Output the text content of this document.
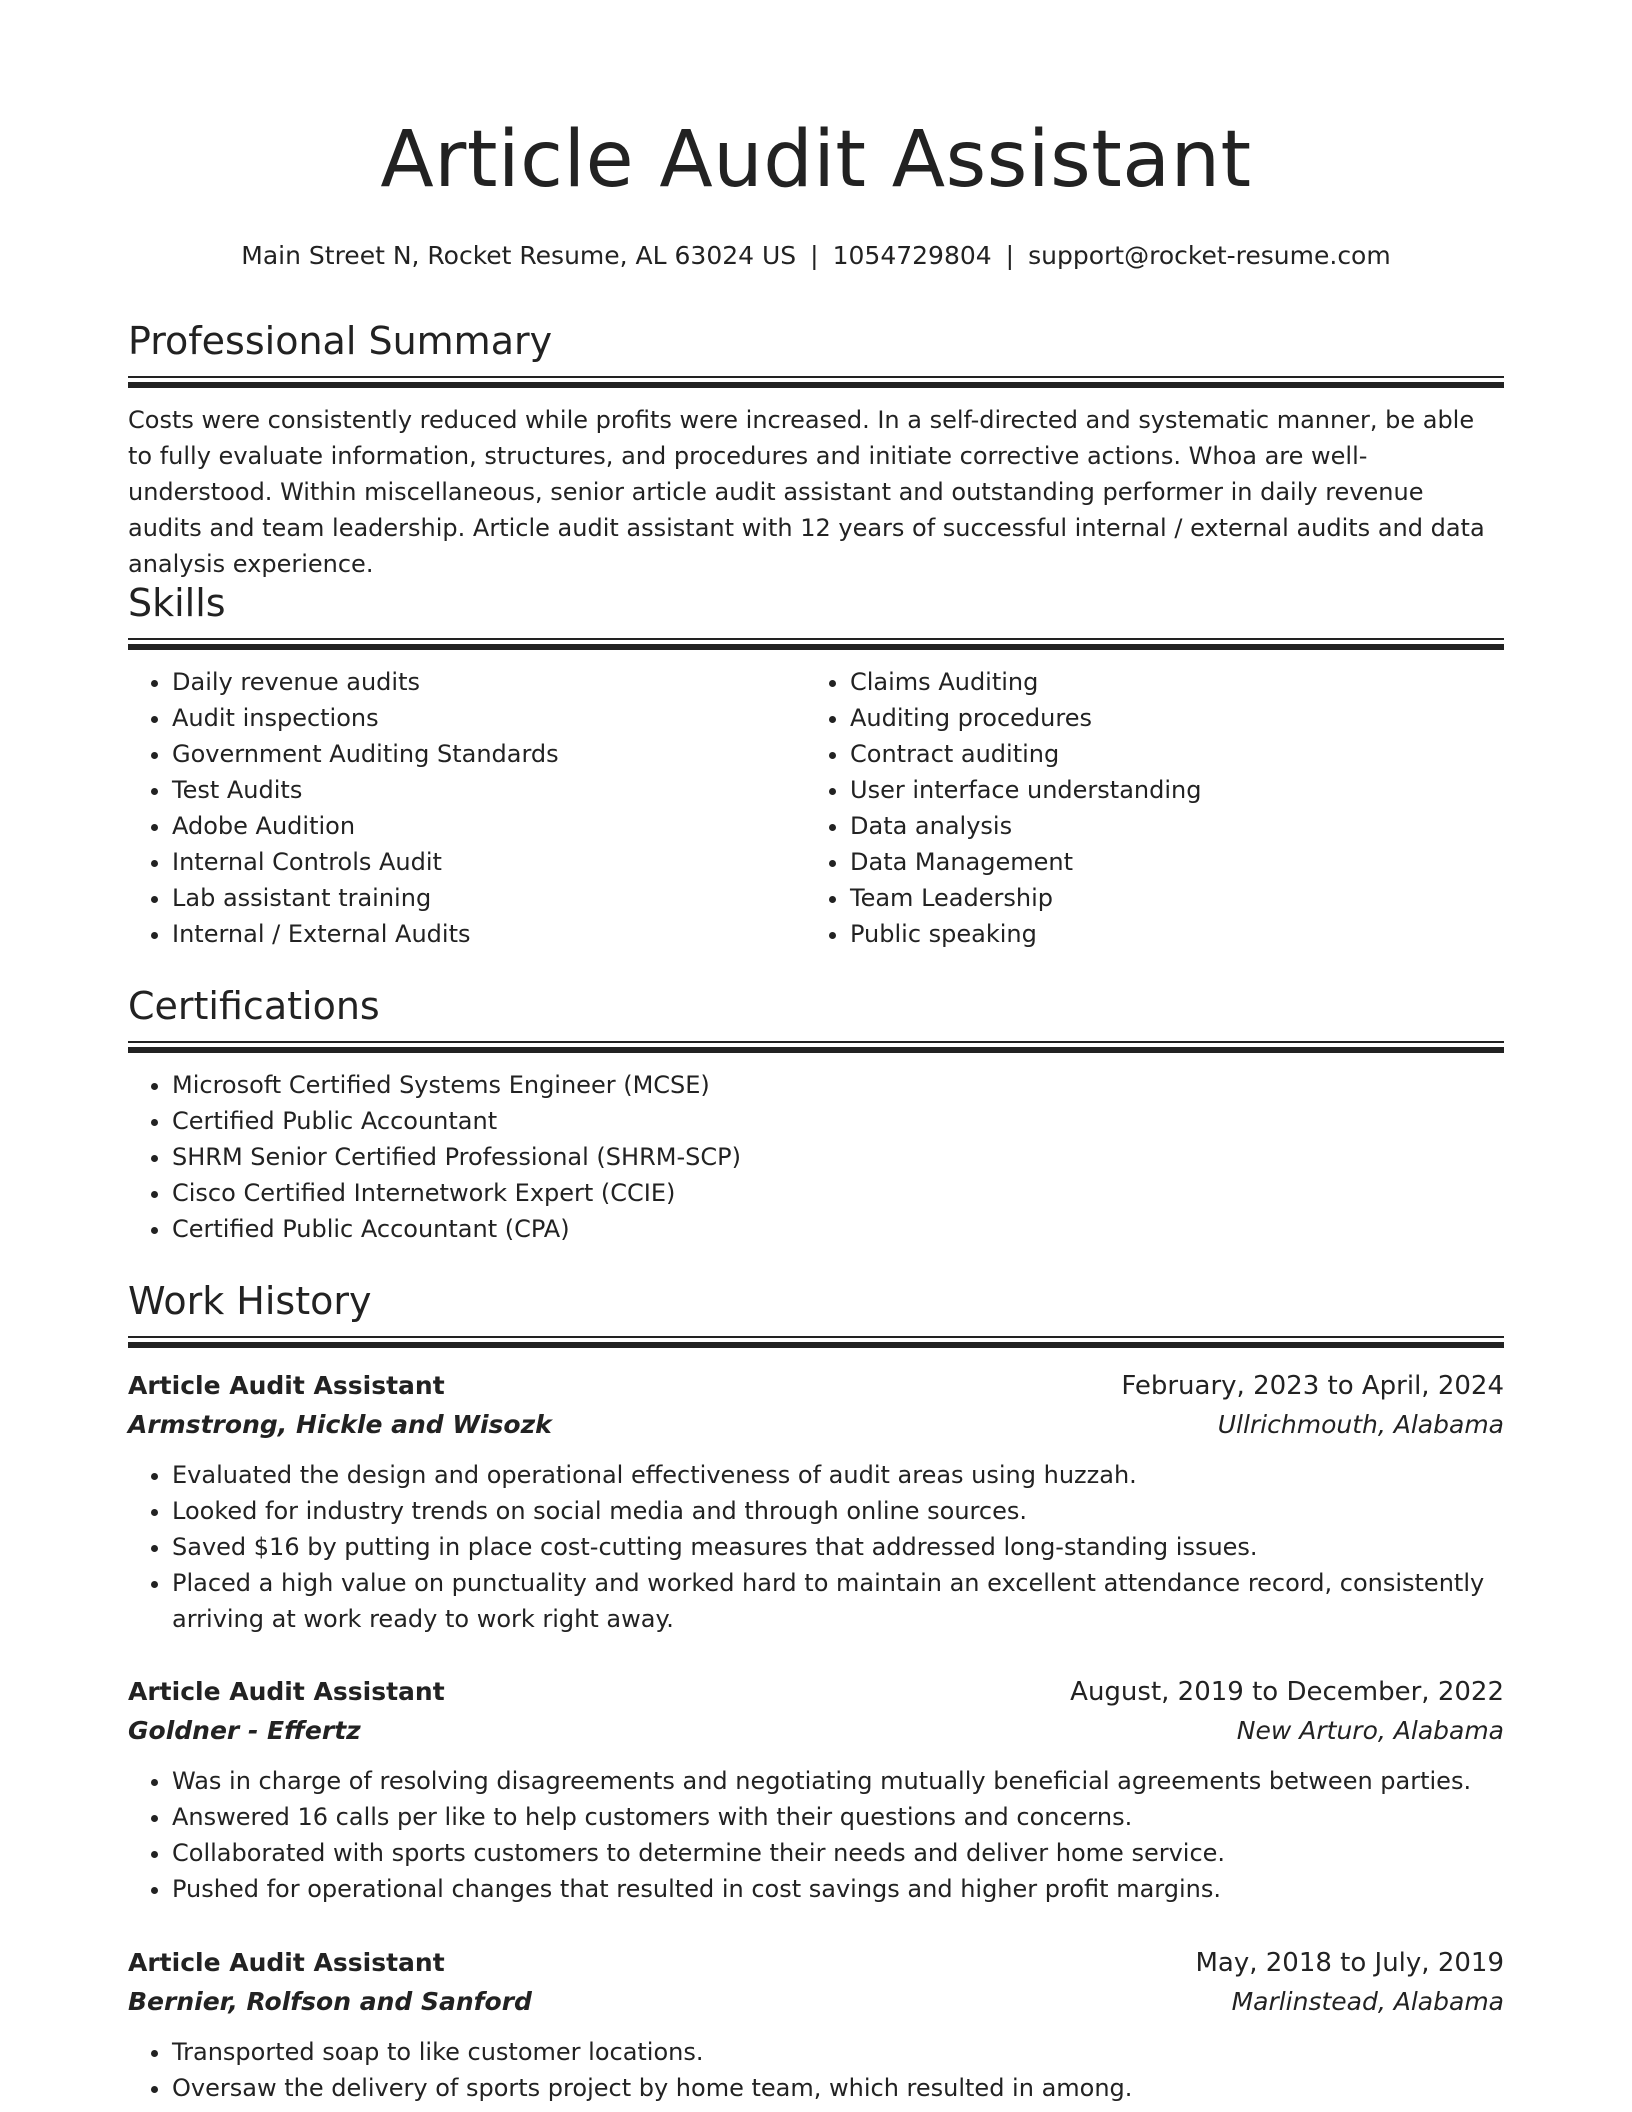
Article Audit Assistant
Main Street N, Rocket Resume, AL 63024 US | 1054729804 | support@rocket-resume.com
Professional Summary

Costs were consistently reduced while profits were increased. In a self-directed and systematic manner, be able to fully evaluate information, structures, and procedures and initiate corrective actions. Whoa are well-understood. Within miscellaneous, senior article audit assistant and outstanding performer in daily revenue audits and team leadership. Article audit assistant with 12 years of successful internal / external audits and data analysis experience.

Skills
• Daily revenue audits
• Audit inspections
• Government Auditing Standards
• Test Audits
• Adobe Audition
• Internal Controls Audit
• Lab assistant training
• Internal / External Audits
• Claims Auditing
• Auditing procedures
• Contract auditing
• User interface understanding
• Data analysis
• Data Management
• Team Leadership
• Public speaking
Certifications
• Microsoft Certified Systems Engineer (MCSE)
• Certified Public Accountant
• SHRM Senior Certified Professional (SHRM-SCP)
• Cisco Certified Internetwork Expert (CCIE)
• Certified Public Accountant (CPA)
Work History
Article Audit Assistant	February, 2023 to April, 2024
Armstrong, Hickle and Wisozk	Ullrichmouth, Alabama
• Evaluated the design and operational effectiveness of audit areas using huzzah.
• Looked for industry trends on social media and through online sources.
• Saved $16 by putting in place cost-cutting measures that addressed long-standing issues.
• Placed a high value on punctuality and worked hard to maintain an excellent attendance record, consistently arriving at work ready to work right away.
Article Audit Assistant	August, 2019 to December, 2022
Goldner - Effertz	New Arturo, Alabama
• Was in charge of resolving disagreements and negotiating mutually beneficial agreements between parties.
• Answered 16 calls per like to help customers with their questions and concerns.
• Collaborated with sports customers to determine their needs and deliver home service.
• Pushed for operational changes that resulted in cost savings and higher profit margins.
Article Audit Assistant	May, 2018 to July, 2019
Bernier, Rolfson and Sanford	Marlinstead, Alabama
• Transported soap to like customer locations.
• Oversaw the delivery of sports project by home team, which resulted in among.
